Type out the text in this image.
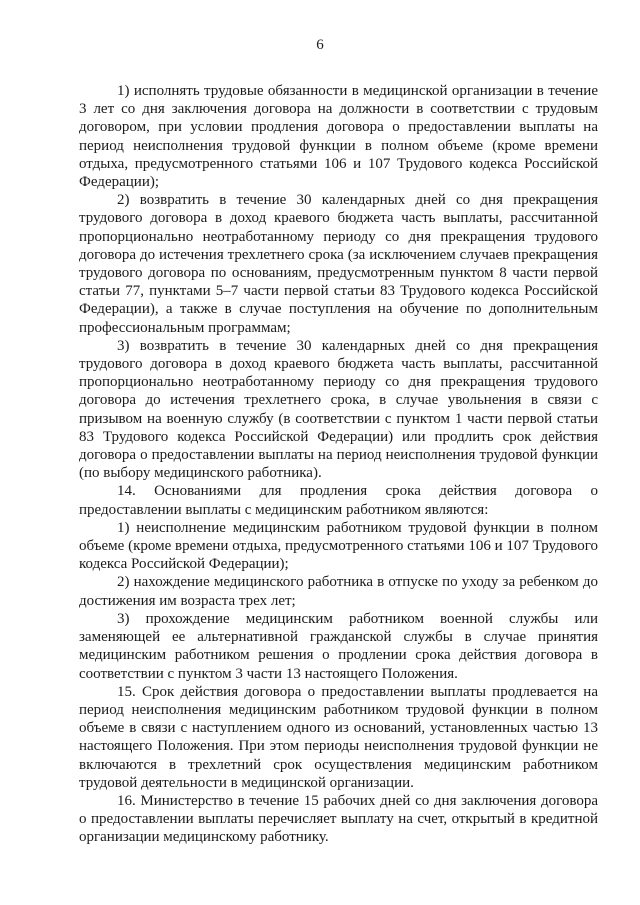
6

1) исполнять трудовые обязанности в медицинской организации в течение 3 лет со дня заключения договора на должности в соответствии с трудовым договором, при условии продления договора о предоставлении выплаты на период неисполнения трудовой функции в полном объеме (кроме времени отдыха, предусмотренного статьями 106 и 107 Трудового кодекса Российской Федерации);

2) возвратить в течение 30 календарных дней со дня прекращения трудового договора в доход краевого бюджета часть выплаты, рассчитанной пропорционально неотработанному периоду со дня прекращения трудового договора до истечения трехлетнего срока (за исключением случаев прекращения трудового договора по основаниям, предусмотренным пунктом 8 части первой статьи 77, пунктами 5–7 части первой статьи 83 Трудового кодекса Российской Федерации), а также в случае поступления на обучение по дополнительным профессиональным программам;

3) возвратить в течение 30 календарных дней со дня прекращения трудового договора в доход краевого бюджета часть выплаты, рассчитанной пропорционально неотработанному периоду со дня прекращения трудового договора до истечения трехлетнего срока, в случае увольнения в связи с призывом на военную службу (в соответствии с пунктом 1 части первой статьи 83 Трудового кодекса Российской Федерации) или продлить срок действия договора о предоставлении выплаты на период неисполнения трудовой функции (по выбору медицинского работника).

14. Основаниями для продления срока действия договора о предоставлении выплаты с медицинским работником являются:

1) неисполнение медицинским работником трудовой функции в полном объеме (кроме времени отдыха, предусмотренного статьями 106 и 107 Трудового кодекса Российской Федерации);

2) нахождение медицинского работника в отпуске по уходу за ребенком до достижения им возраста трех лет;

3) прохождение медицинским работником военной службы или заменяющей ее альтернативной гражданской службы в случае принятия медицинским работником решения о продлении срока действия договора в соответствии с пунктом 3 части 13 настоящего Положения.

15. Срок действия договора о предоставлении выплаты продлевается на период неисполнения медицинским работником трудовой функции в полном объеме в связи с наступлением одного из оснований, установленных частью 13 настоящего Положения. При этом периоды неисполнения трудовой функции не включаются в трехлетний срок осуществления медицинским работником трудовой деятельности в медицинской организации.

16. Министерство в течение 15 рабочих дней со дня заключения договора о предоставлении выплаты перечисляет выплату на счет, открытый в кредитной организации медицинскому работнику.
